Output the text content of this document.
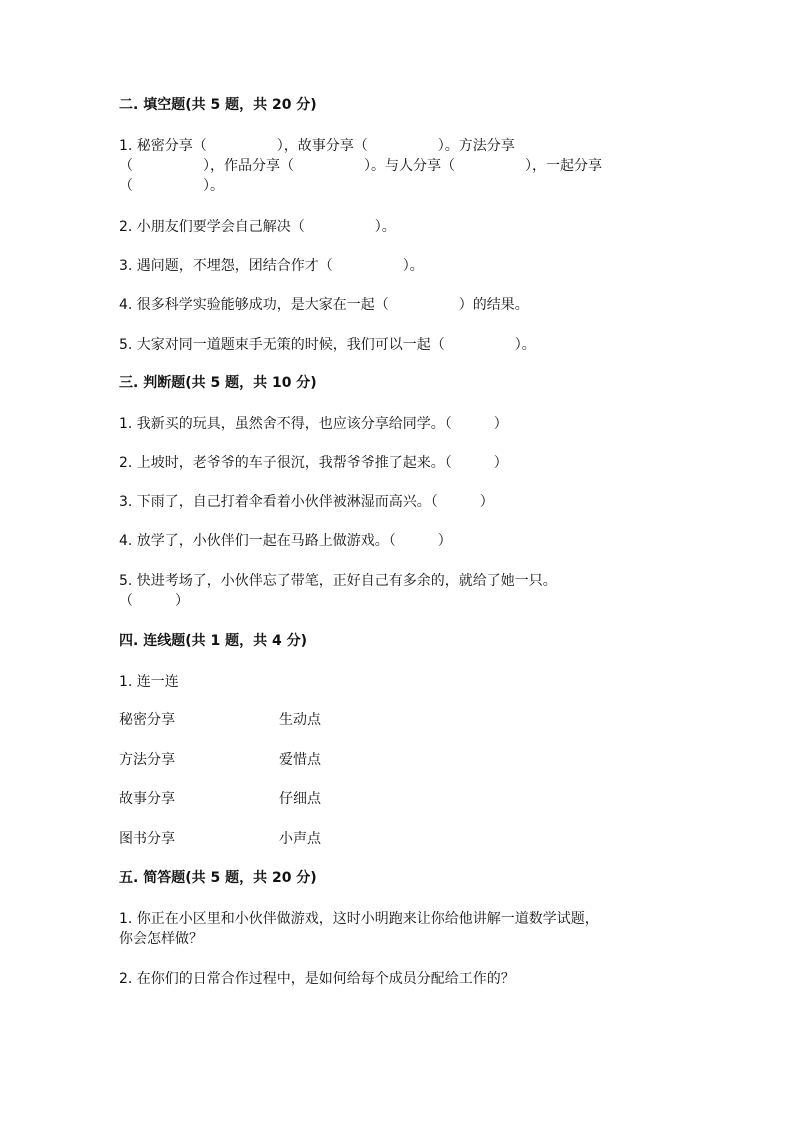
二. 填空题(共 5 题，共 20 分)
1. 秘密分享（　　　　　），故事分享（　　　　　）。方法分享
（　　　　　），作品分享（　　　　　）。与人分享（　　　　　），一起分享
（　　　　　）。
2. 小朋友们要学会自己解决（　　　　　）。
3. 遇问题，不埋怨，团结合作才（　　　　　）。
4. 很多科学实验能够成功，是大家在一起（　　　　　）的结果。
5. 大家对同一道题束手无策的时候，我们可以一起（　　　　　）。
三. 判断题(共 5 题，共 10 分)
1. 我新买的玩具，虽然舍不得，也应该分享给同学。（　　　）
2. 上坡时，老爷爷的车子很沉，我帮爷爷推了起来。（　　　）
3. 下雨了，自己打着伞看着小伙伴被淋湿而高兴。（　　　）
4. 放学了，小伙伴们一起在马路上做游戏。（　　　）
5. 快进考场了，小伙伴忘了带笔，正好自己有多余的，就给了她一只。
（　　　）
四. 连线题(共 1 题，共 4 分)
1. 连一连
秘密分享	生动点
方法分享	爱惜点
故事分享	仔细点
图书分享	小声点
五. 简答题(共 5 题，共 20 分)
1. 你正在小区里和小伙伴做游戏，这时小明跑来让你给他讲解一道数学试题，
你会怎样做？
2. 在你们的日常合作过程中，是如何给每个成员分配给工作的？
